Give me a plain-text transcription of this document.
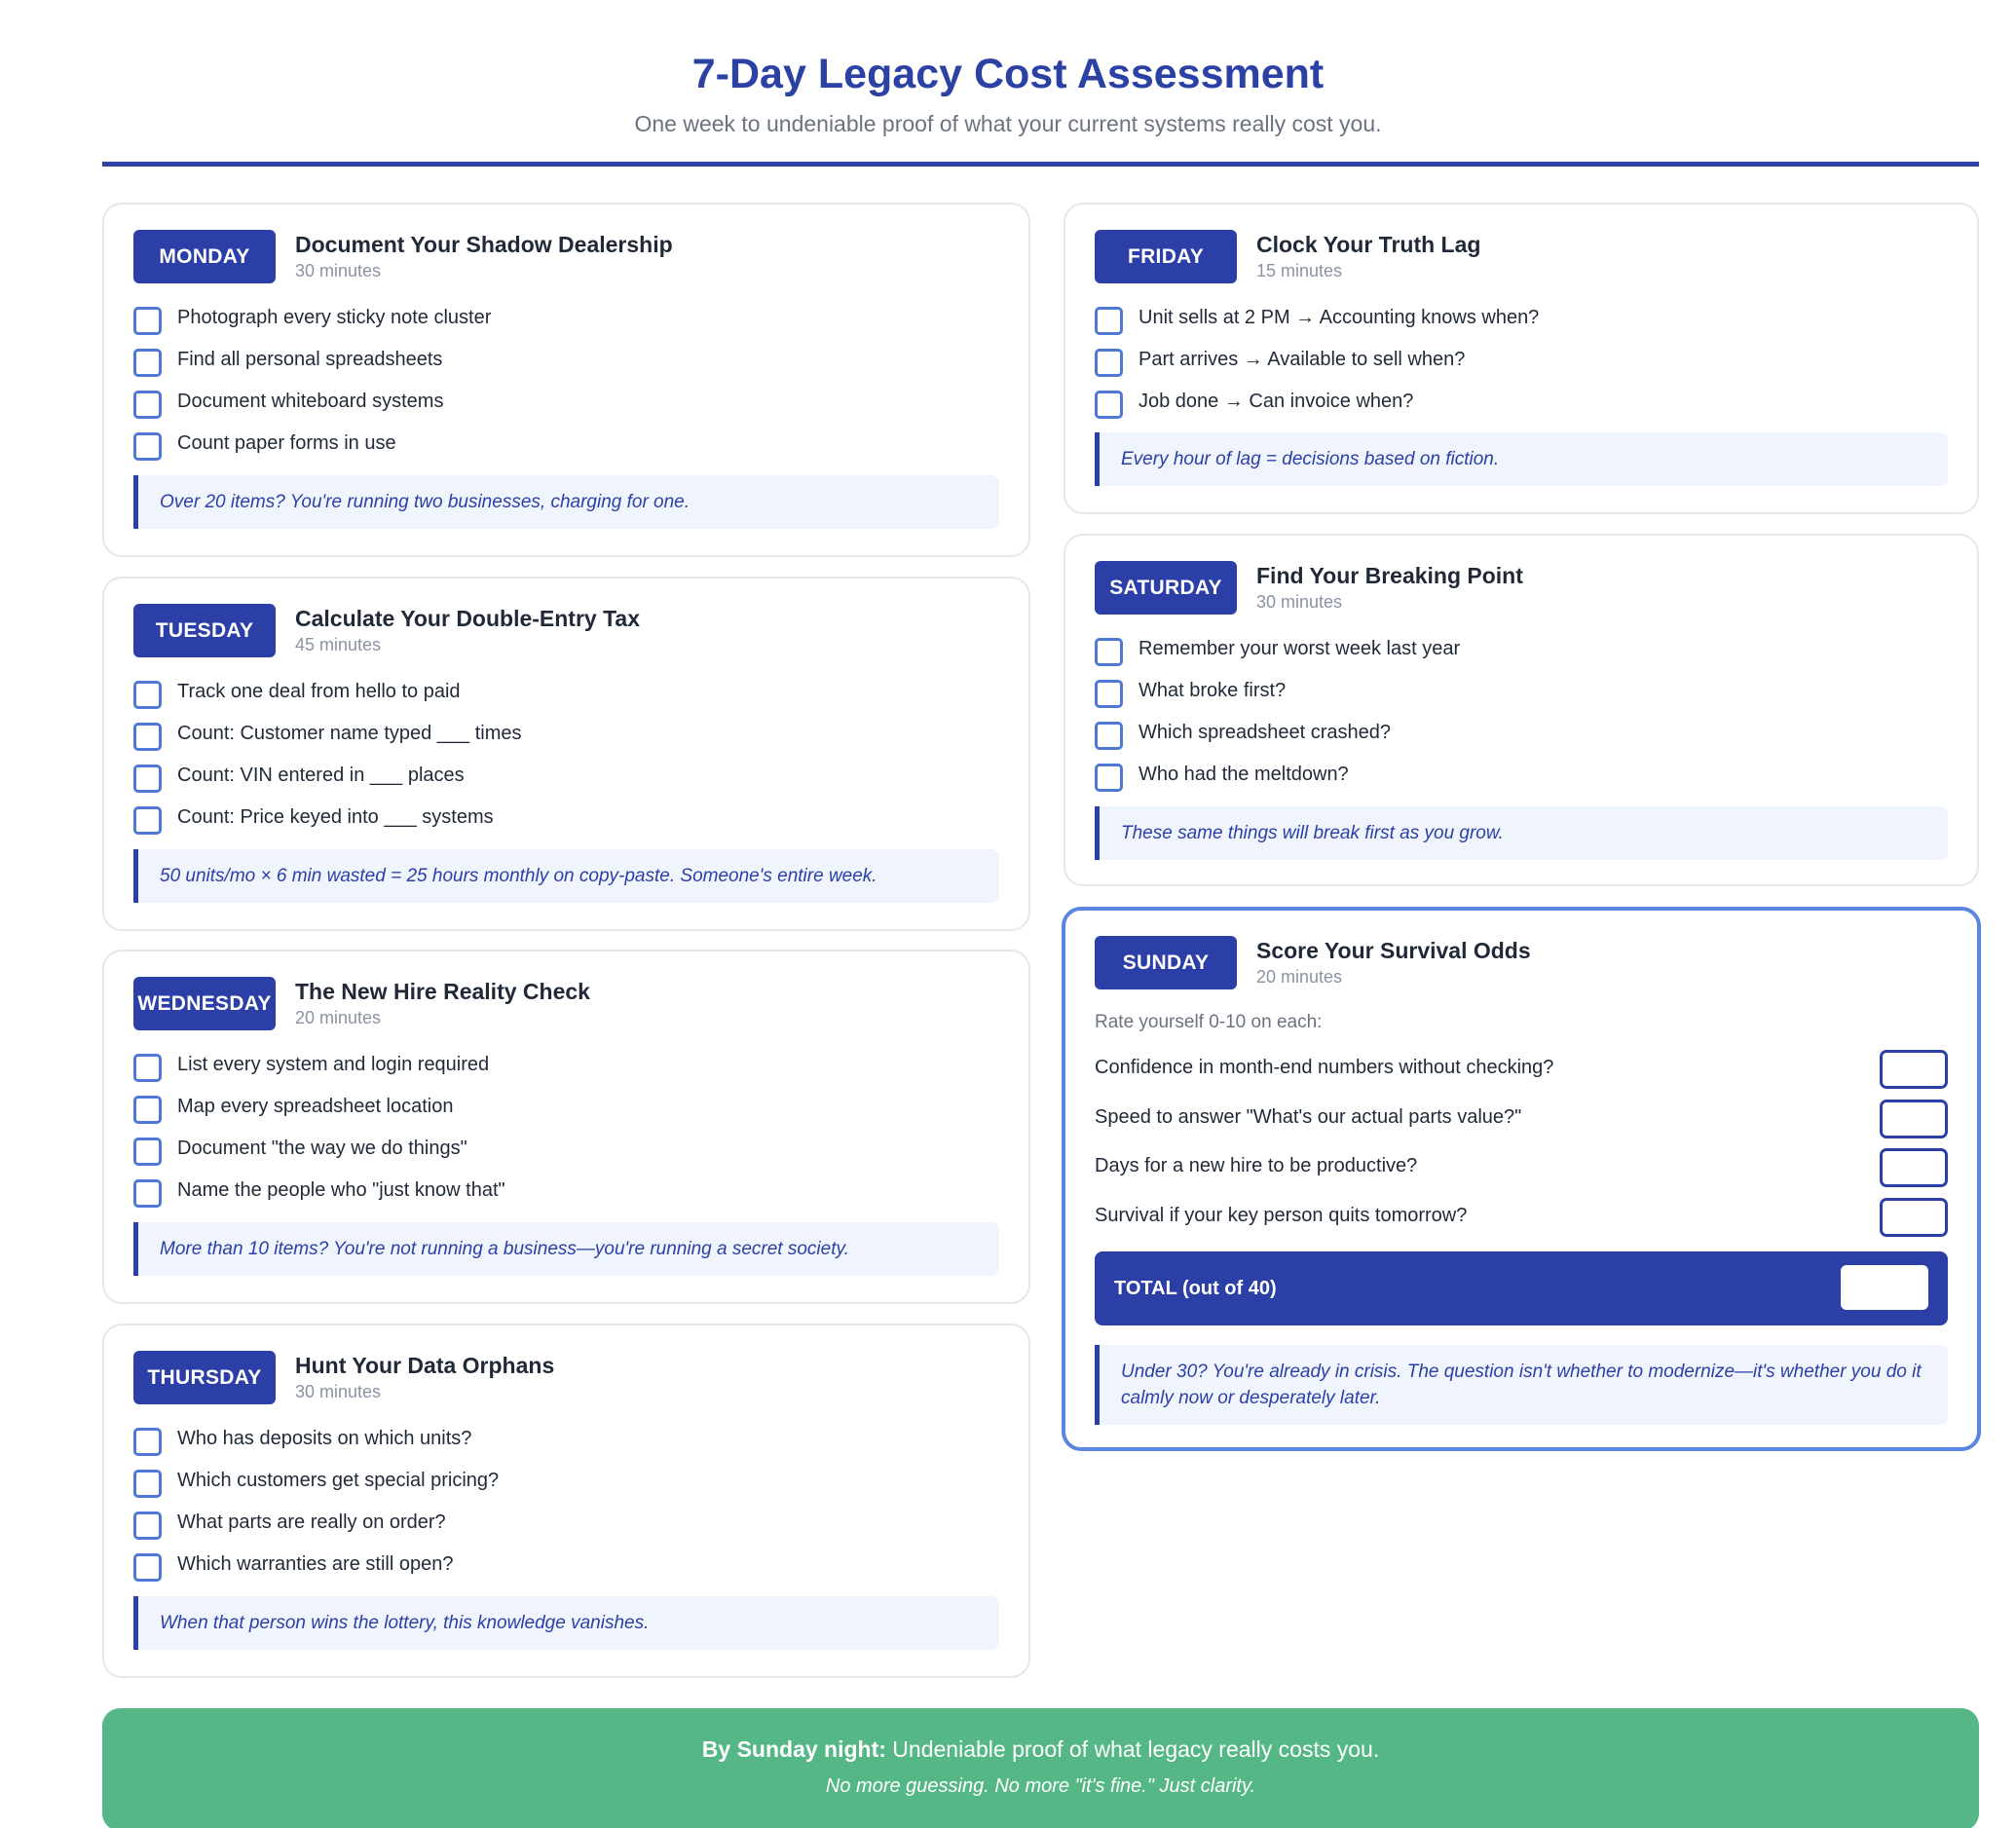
7-Day Legacy Cost Assessment

One week to undeniable proof of what your current systems really cost you.

MONDAY	Document Your Shadow Dealership
30 minutes
Photograph every sticky note cluster
Find all personal spreadsheets
Document whiteboard systems
Count paper forms in use
Over 20 items? You're running two businesses, charging for one.
TUESDAY	Calculate Your Double-Entry Tax
45 minutes
Track one deal from hello to paid
Count: Customer name typed ___ times
Count: VIN entered in ___ places
Count: Price keyed into ___ systems
50 units/mo × 6 min wasted = 25 hours monthly on copy-paste. Someone's entire week.
WEDNESDAY The New Hire Reality Check
20 minutes
List every system and login required
Map every spreadsheet location
Document "the way we do things"
Name the people who "just know that"
More than 10 items? You're not running a business—you're running a secret society.
THURSDAY	Hunt Your Data Orphans
30 minutes
Who has deposits on which units?
Which customers get special pricing?
What parts are really on order?
Which warranties are still open?
When that person wins the lottery, this knowledge vanishes.
FRIDAY	Clock Your Truth Lag
15 minutes
Unit sells at 2 PM → Accounting knows when?
Part arrives → Available to sell when?
Job done → Can invoice when?
Every hour of lag = decisions based on fiction.
SATURDAY	Find Your Breaking Point
30 minutes
Remember your worst week last year
What broke first?
Which spreadsheet crashed?
Who had the meltdown?
These same things will break first as you grow.
SUNDAY	Score Your Survival Odds
20 minutes
Rate yourself 0-10 on each:
Confidence in month-end numbers without checking?
Speed to answer "What's our actual parts value?"
Days for a new hire to be productive?
Survival if your key person quits tomorrow?
TOTAL (out of 40)
Under 30? You're already in crisis. The question isn't whether to modernize—it's whether you do it calmly now or desperately later.
By Sunday night: Undeniable proof of what legacy really costs you.
No more guessing. No more "it's fine." Just clarity.
